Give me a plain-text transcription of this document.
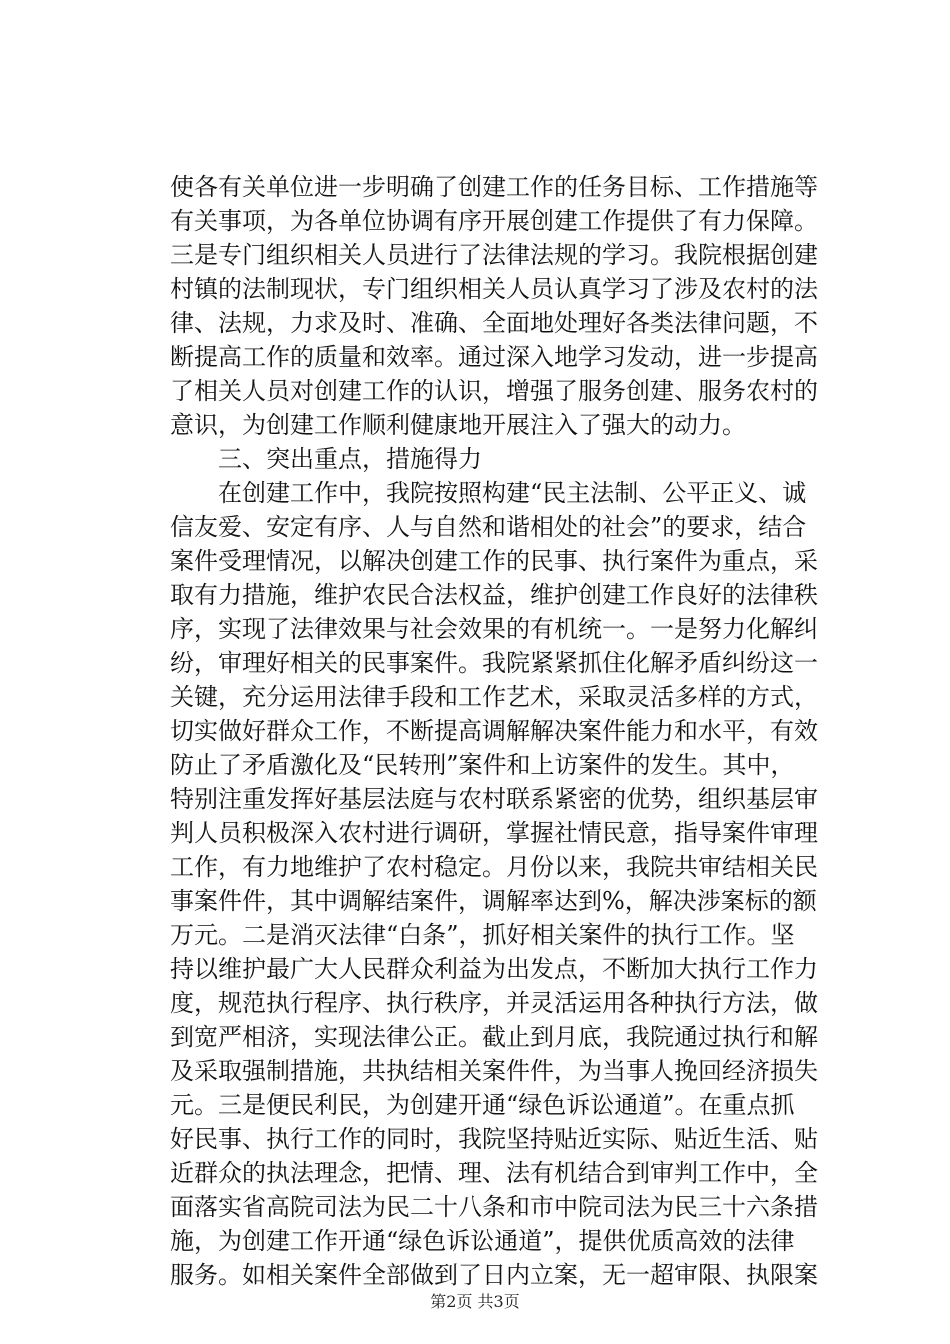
使各有关单位进一步明确了创建工作的任务目标、工作措施等
有关事项，为各单位协调有序开展创建工作提供了有力保障。
三是专门组织相关人员进行了法律法规的学习。我院根据创建
村镇的法制现状，专门组织相关人员认真学习了涉及农村的法
律、法规，力求及时、准确、全面地处理好各类法律问题，不
断提高工作的质量和效率。通过深入地学习发动，进一步提高
了相关人员对创建工作的认识，增强了服务创建、服务农村的
意识，为创建工作顺利健康地开展注入了强大的动力。
　　三、突出重点，措施得力
　　在创建工作中，我院按照构建“民主法制、公平正义、诚
信友爱、安定有序、人与自然和谐相处的社会”的要求，结合
案件受理情况，以解决创建工作的民事、执行案件为重点，采
取有力措施，维护农民合法权益，维护创建工作良好的法律秩
序，实现了法律效果与社会效果的有机统一。一是努力化解纠
纷，审理好相关的民事案件。我院紧紧抓住化解矛盾纠纷这一
关键，充分运用法律手段和工作艺术，采取灵活多样的方式，
切实做好群众工作，不断提高调解解决案件能力和水平，有效
防止了矛盾激化及“民转刑”案件和上访案件的发生。其中，
特别注重发挥好基层法庭与农村联系紧密的优势，组织基层审
判人员积极深入农村进行调研，掌握社情民意，指导案件审理
工作，有力地维护了农村稳定。月份以来，我院共审结相关民
事案件件，其中调解结案件，调解率达到%，解决涉案标的额
万元。二是消灭法律“白条”，抓好相关案件的执行工作。坚
持以维护最广大人民群众利益为出发点，不断加大执行工作力
度，规范执行程序、执行秩序，并灵活运用各种执行方法，做
到宽严相济，实现法律公正。截止到月底，我院通过执行和解
及采取强制措施，共执结相关案件件，为当事人挽回经济损失
元。三是便民利民，为创建开通“绿色诉讼通道”。在重点抓
好民事、执行工作的同时，我院坚持贴近实际、贴近生活、贴
近群众的执法理念，把情、理、法有机结合到审判工作中，全
面落实省高院司法为民二十八条和市中院司法为民三十六条措
施，为创建工作开通“绿色诉讼通道”，提供优质高效的法律
服务。如相关案件全部做到了日内立案，无一超审限、执限案
第2页 共3页
